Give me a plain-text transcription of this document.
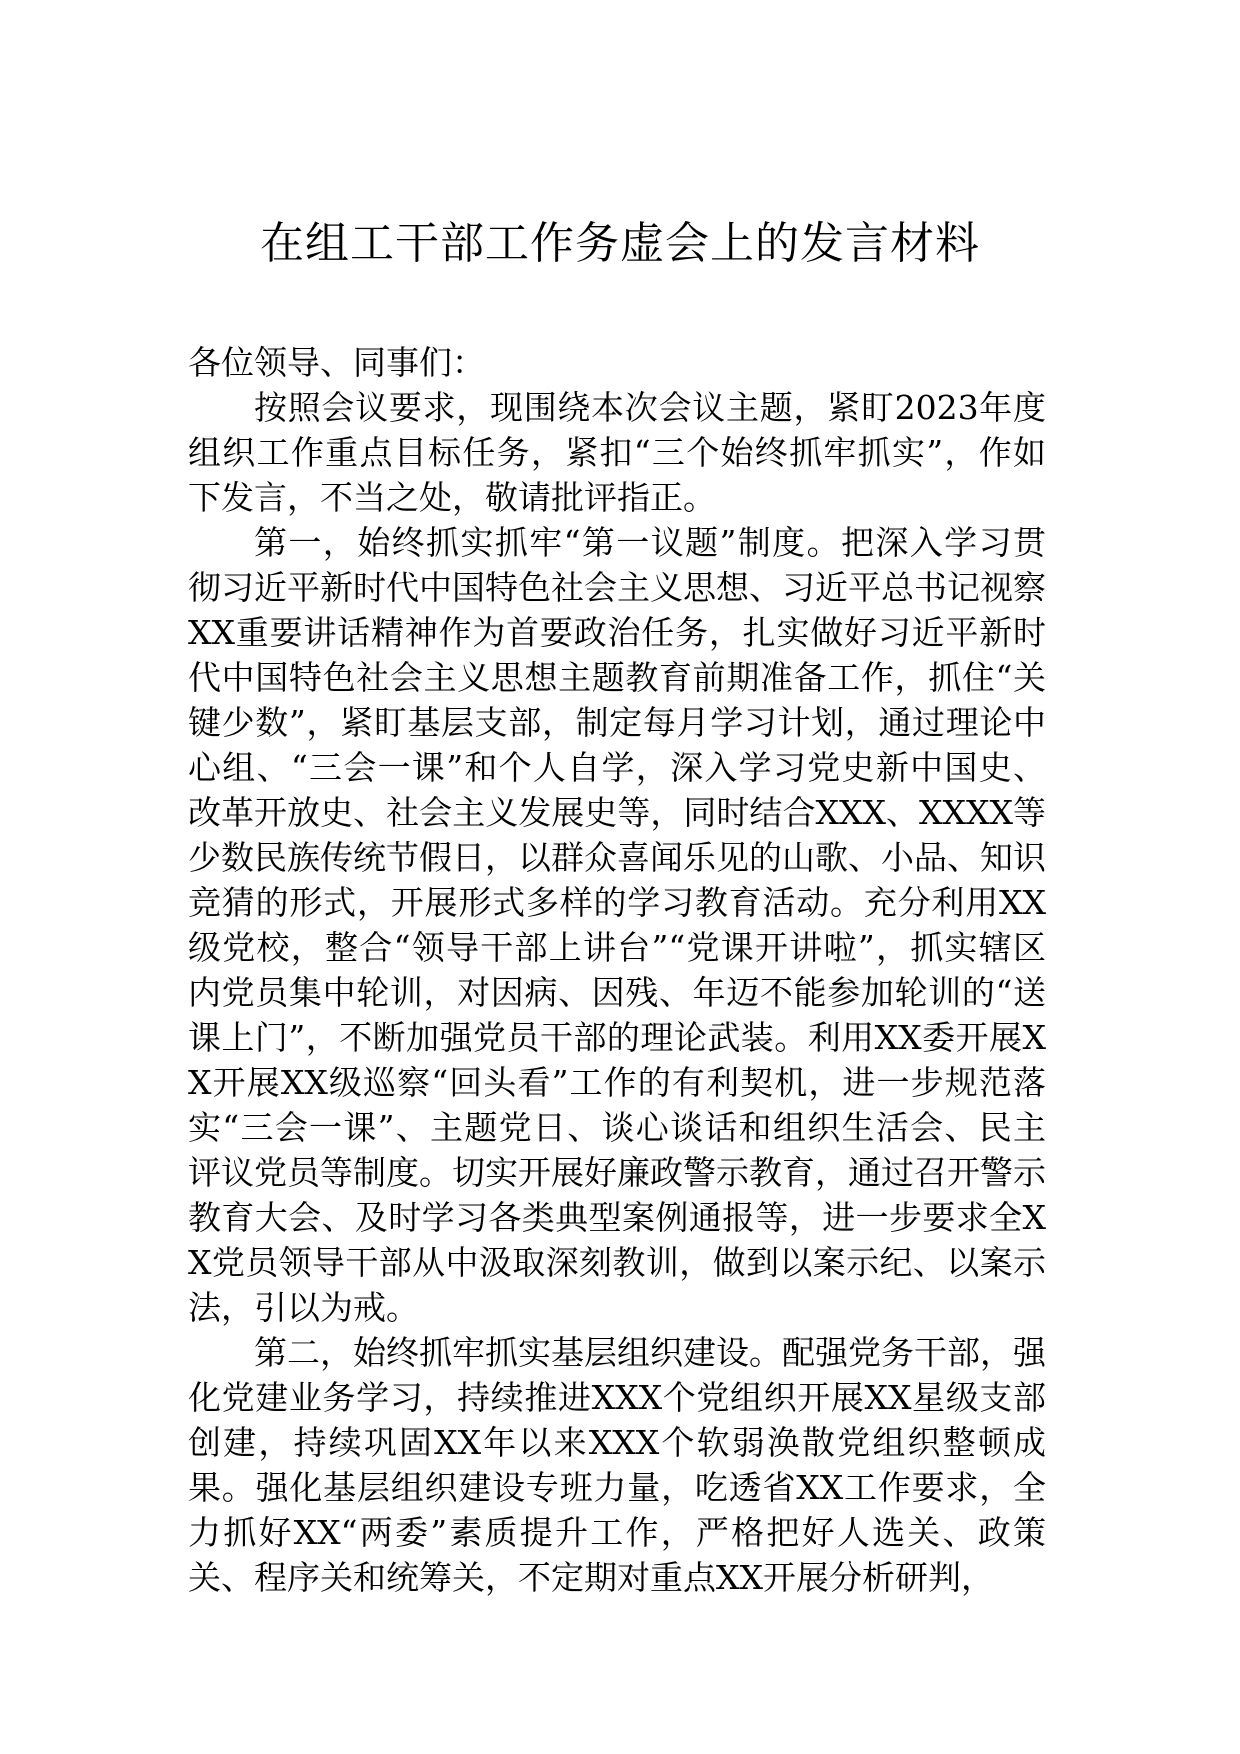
在组工干部工作务虚会上的发言材料

各位领导、同事们：

按照会议要求，现围绕本次会议主题，紧盯2023年度组织工作重点目标任务，紧扣“三个始终抓牢抓实”，作如下发言，不当之处，敬请批评指正。

第一，始终抓实抓牢“第一议题”制度。把深入学习贯彻习近平新时代中国特色社会主义思想、习近平总书记视察XX重要讲话精神作为首要政治任务，扎实做好习近平新时代中国特色社会主义思想主题教育前期准备工作，抓住“关键少数”，紧盯基层支部，制定每月学习计划，通过理论中心组、“三会一课”和个人自学，深入学习党史新中国史、改革开放史、社会主义发展史等，同时结合XXX、XXXX等少数民族传统节假日，以群众喜闻乐见的山歌、小品、知识竞猜的形式，开展形式多样的学习教育活动。充分利用XX级党校，整合“领导干部上讲台”“党课开讲啦”，抓实辖区内党员集中轮训，对因病、因残、年迈不能参加轮训的“送课上门”，不断加强党员干部的理论武装。利用XX委开展XX开展XX级巡察“回头看”工作的有利契机，进一步规范落实“三会一课”、主题党日、谈心谈话和组织生活会、民主评议党员等制度。切实开展好廉政警示教育，通过召开警示教育大会、及时学习各类典型案例通报等，进一步要求全XX党员领导干部从中汲取深刻教训，做到以案示纪、以案示法，引以为戒。

第二，始终抓牢抓实基层组织建设。配强党务干部，强化党建业务学习，持续推进XXX个党组织开展XX星级支部创建，持续巩固XX年以来XXX个软弱涣散党组织整顿成果。强化基层组织建设专班力量，吃透省XX工作要求，全力抓好XX“两委”素质提升工作，严格把好人选关、政策关、程序关和统筹关，不定期对重点XX开展分析研判，
